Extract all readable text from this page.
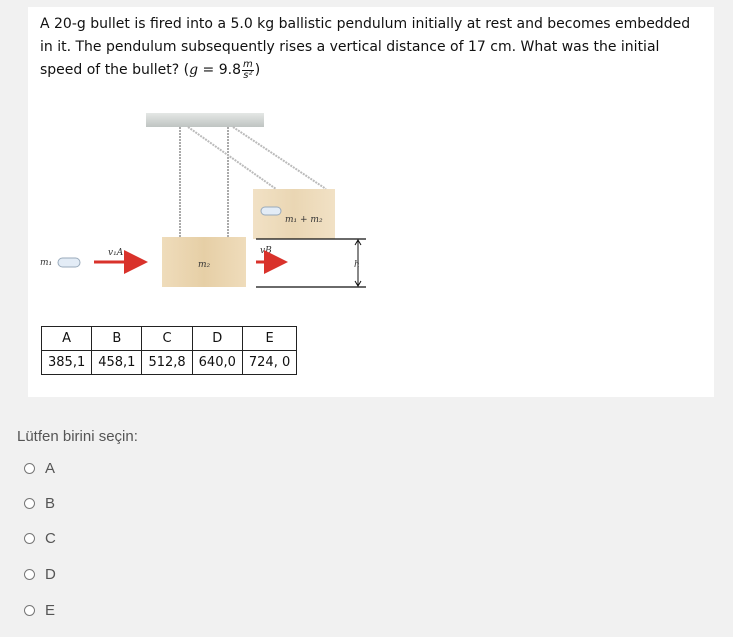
A 20-g bullet is fired into a 5.0 kg ballistic pendulum initially at rest and becomes embedded in it. The pendulum subsequently rises a vertical distance of 17 cm. What was the initial speed of the bullet? ($g = 9.8 \frac{m}{\text{s²}}$ )
m₂
m₁ + m₂
m₁
v₁A	vB
h
A	B	C	D	E
385,1	458,1	512,8	640,0	724, 0
Lütfen birini seçin:
A
B
C
D
E
